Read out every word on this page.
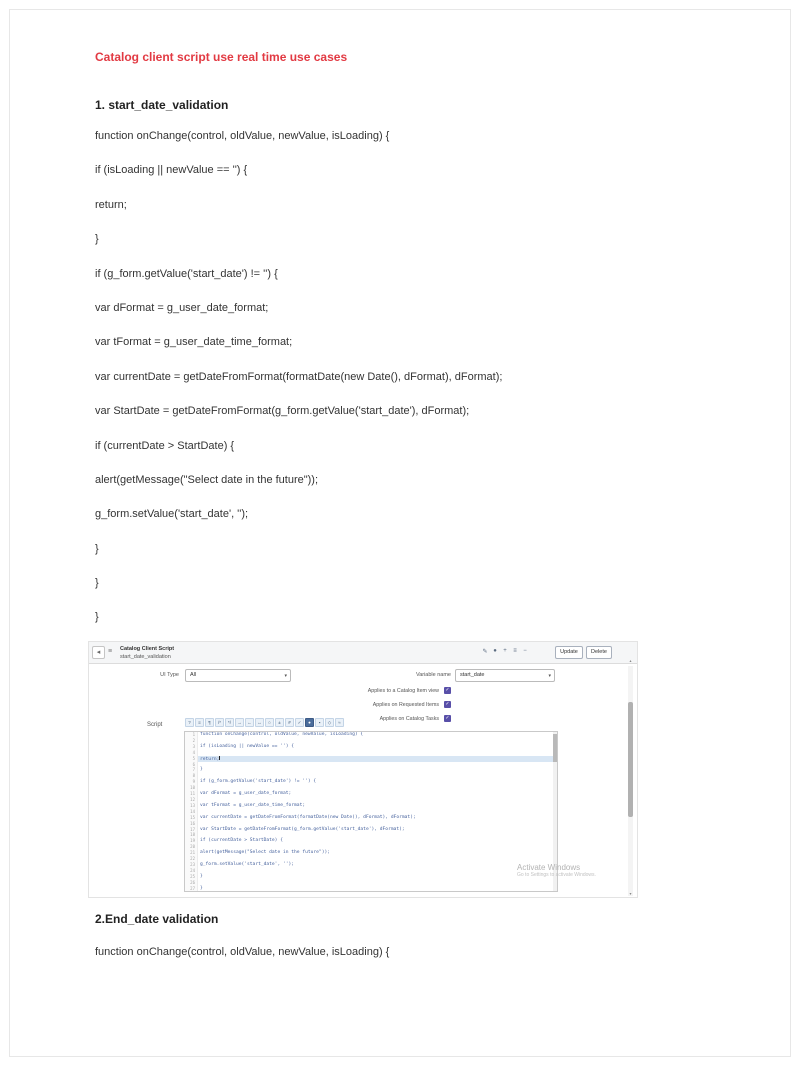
Catalog client script use real time use cases
1. start_date_validation
function onChange(control, oldValue, newValue, isLoading) {
if (isLoading || newValue == '') {
return;
}
if (g_form.getValue('start_date') != '') {
var dFormat = g_user_date_format;
var tFormat = g_user_date_time_format;
var currentDate = getDateFromFormat(formatDate(new Date(), dFormat), dFormat);
var StartDate = getDateFromFormat(g_form.getValue('start_date'), dFormat);
if (currentDate > StartDate) {
alert(getMessage("Select date in the future"));
g_form.setValue('start_date', '');
}
}
}
◂	≡ Catalog Client Script
start_date_validation
✎ ● + ≡ −	Update	Delete
UI Type	All	▾	Variable name	start_date	▾
Applies to a Catalog Item view ✓
Applies on Requested Items ✓
Applies on Catalog Tasks ✓
Script	?	≡	¶	/*	*/	→	←	↔	○	±	#	✓	●	▪	◇	≈
1	function onChange(control, oldValue, newValue, isLoading) {
2
3	if (isLoading || newValue == '') {
4
5	return;
6
7	}
8
9	if (g_form.getValue('start_date') != '') {
10
11	var dFormat = g_user_date_format;
12
13	var tFormat = g_user_date_time_format;
14
15	var currentDate = getDateFromFormat(formatDate(new Date(), dFormat), dFormat);
16
17	var StartDate = getDateFromFormat(g_form.getValue('start_date'), dFormat);
18
19	if (currentDate > StartDate) {
20
21	alert(getMessage("Select date in the future"));
22
23	g_form.setValue('start_date', '');
24
25	}
26
27	}
Activate Windows
Go to Settings to activate Windows.
▴
▾
2.End_date validation
function onChange(control, oldValue, newValue, isLoading) {
